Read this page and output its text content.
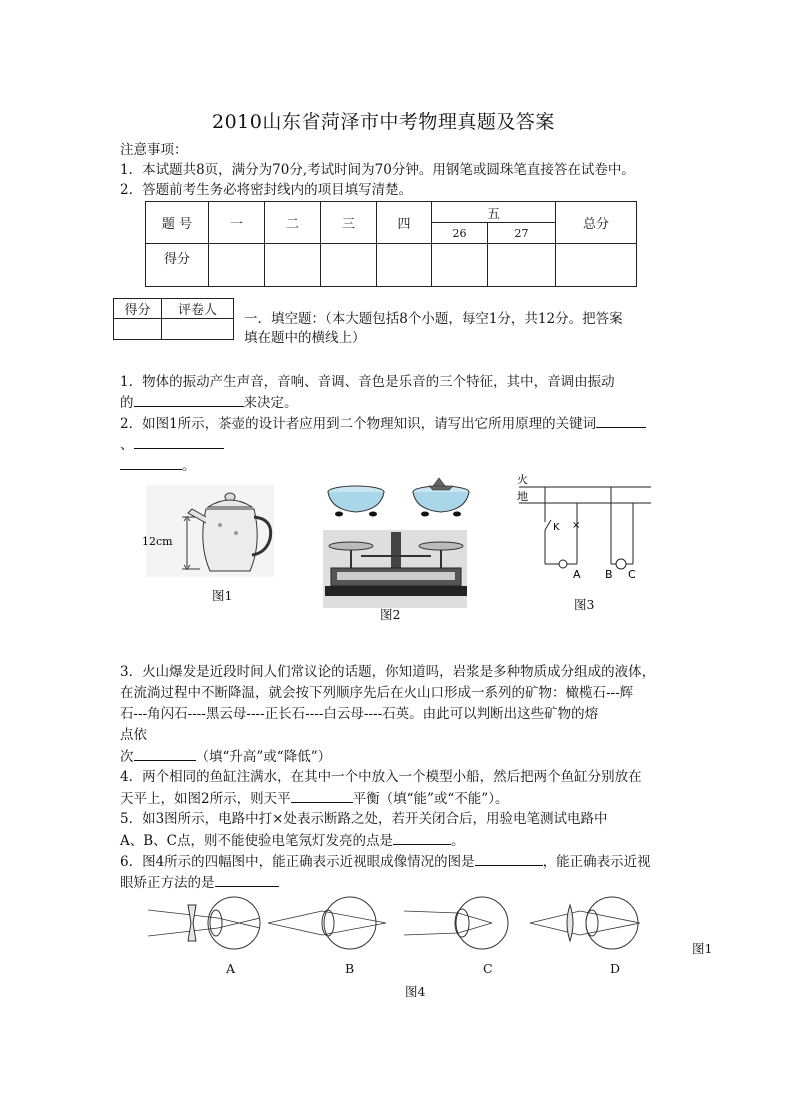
2010山东省菏泽市中考物理真题及答案
注意事项：
1．本试题共8页，满分为70分,考试时间为70分钟。用钢笔或圆珠笔直接答在试卷中。
2．答题前考生务必将密封线内的项目填写清楚。
题 号	一	二	三	四	五		总分
					26	27	
得分							
得分	评卷人

一．填空题：（本大题包括8个小题，每空1分，共12分。把答案
填在题中的横线上）
1．物体的振动产生声音，音响、音调、音色是乐音的三个特征，其中，音调由振动
的	来决定。
2．如图1所示，茶壶的设计者应用到二个物理知识，请写出它所用原理的关键词
、
。
12cm
图1
图2
火
地
K ×
A B C
图3
3．火山爆发是近段时间人们常议论的话题，你知道吗，岩浆是多种物质成分组成的液体，
在流淌过程中不断降温，就会按下列顺序先后在火山口形成一系列的矿物：橄榄石---辉
石---角闪石----黑云母----正长石----白云母----石英。由此可以判断出这些矿物的熔
点依
次	（填“升高”或“降低”）
4．两个相同的鱼缸注满水，在其中一个中放入一个模型小船，然后把两个鱼缸分别放在
天平上，如图2所示，则天平	平衡（填“能”或“不能”）。
5．如3图所示，电路中打×处表示断路之处，若开关闭合后，用验电笔测试电路中
A、B、C点，则不能使验电笔氖灯发亮的点是	。
6．图4所示的四幅图中，能正确表示近视眼成像情况的图是	，能正确表示近视
眼矫正方法的是
A	B	C	D
图1
图4
